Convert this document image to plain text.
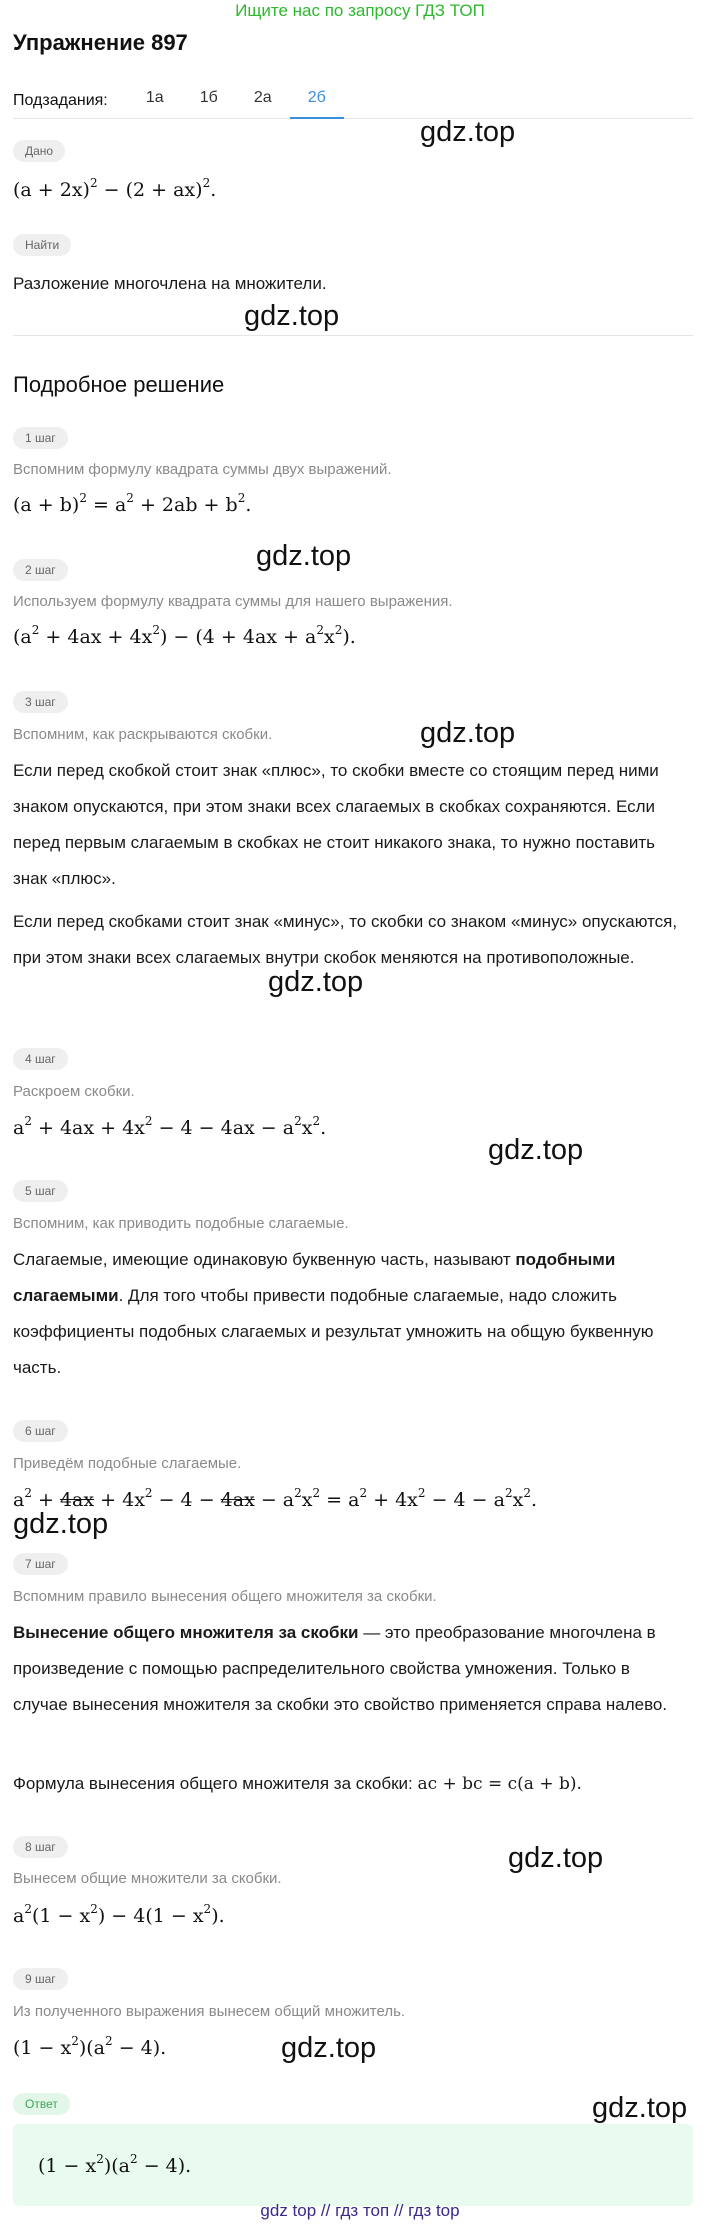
Ищите нас по запросу ГДЗ ТОП
Упражнение 897
Подзадания:	1а	1б	2а	2б
Дано
$(a + 2x)^2 - (2 + ax)^2$.
gdz.top
Найти
Разложение многочлена на множители.
gdz.top
Подробное решение
1 шаг
Вспомним формулу квадрата суммы двух выражений.
$(a + b)^2 = a^2 + 2ab + b^2$.
gdz.top
2 шаг
Используем формулу квадрата суммы для нашего выражения.
$(a^2 + 4ax + 4x^2) - (4 + 4ax + a^2x^2)$.
3 шаг
Вспомним, как раскрываются скобки.	gdz.top
Если перед скобкой стоит знак «плюс», то скобки вместе со стоящим перед ними знаком опускаются, при этом знаки всех слагаемых в скобках сохраняются. Если перед первым слагаемым в скобках не стоит никакого знака, то нужно поставить знак «плюс».
Если перед скобками стоит знак «минус», то скобки со знаком «минус» опускаются, при этом знаки всех слагаемых внутри скобок меняются на противоположные.
gdz.top
4 шаг
Раскроем скобки.
$a^2 + 4ax + 4x^2 - 4 - 4ax - a^2x^2$.
gdz.top
5 шаг
Вспомним, как приводить подобные слагаемые.
Слагаемые, имеющие одинаковую буквенную часть, называют подобными слагаемыми. Для того чтобы привести подобные слагаемые, надо сложить коэффициенты подобных слагаемых и результат умножить на общую буквенную часть.
6 шаг
Приведём подобные слагаемые.
$a^2 + 4ax + 4x^2 - 4 - 4ax - a^2x^2 = a^2 + 4x^2 - 4 - a^2x^2$.
gdz.top
7 шаг
Вспомним правило вынесения общего множителя за скобки.
Вынесение общего множителя за скобки — это преобразование многочлена в произведение с помощью распределительного свойства умножения. Только в случае вынесения множителя за скобки это свойство применяется справа налево.
Формула вынесения общего множителя за скобки: ac + bc = c(a + b).
8 шаг
Вынесем общие множители за скобки.
gdz.top
$a^2(1 - x^2) - 4(1 - x^2)$.
9 шаг
Из полученного выражения вынесем общий множитель.
$(1 - x^2)(a^2 - 4)$.	gdz.top
Ответ	gdz.top
$(1 - x^2)(a^2 - 4)$.
gdz top // гдз топ // гдз top
